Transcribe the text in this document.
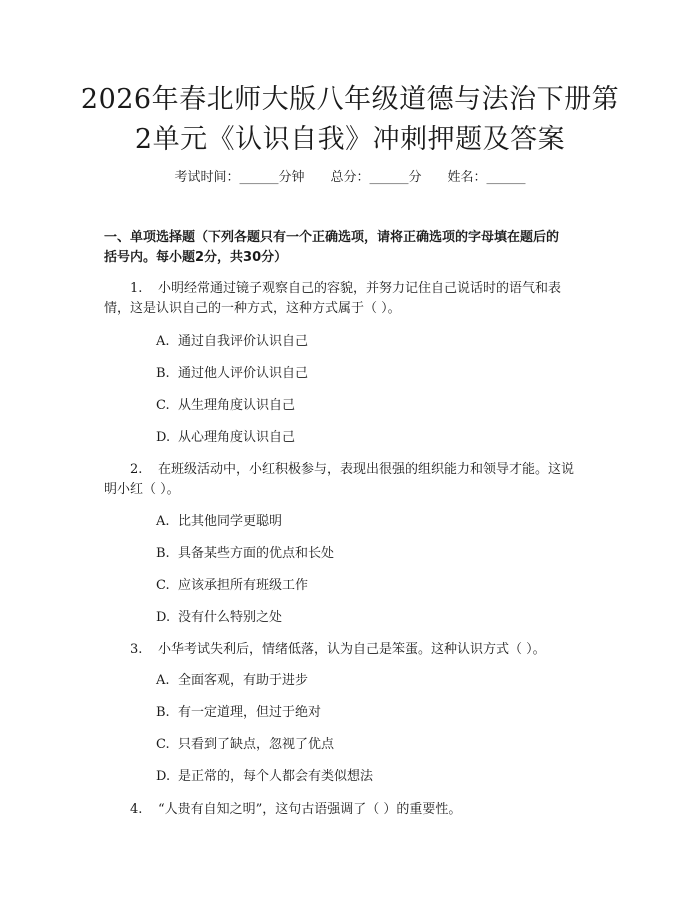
2026年春北师大版八年级道德与法治下册第
2单元《认识自我》冲刺押题及答案
考试时间：______分钟 总分：______分 姓名：______
一、单项选择题（下列各题只有一个正确选项，请将正确选项的字母填在题后的
括号内。每小题2分，共30分）
1. 小明经常通过镜子观察自己的容貌，并努力记住自己说话时的语气和表
情，这是认识自己的一种方式，这种方式属于（ ）。
A. 通过自我评价认识自己
B. 通过他人评价认识自己
C. 从生理角度认识自己
D. 从心理角度认识自己
2. 在班级活动中，小红积极参与，表现出很强的组织能力和领导才能。这说
明小红（ ）。
A. 比其他同学更聪明
B. 具备某些方面的优点和长处
C. 应该承担所有班级工作
D. 没有什么特别之处
3. 小华考试失利后，情绪低落，认为自己是笨蛋。这种认识方式（ ）。
A. 全面客观，有助于进步
B. 有一定道理，但过于绝对
C. 只看到了缺点，忽视了优点
D. 是正常的，每个人都会有类似想法
4. “人贵有自知之明”，这句古语强调了（ ）的重要性。
